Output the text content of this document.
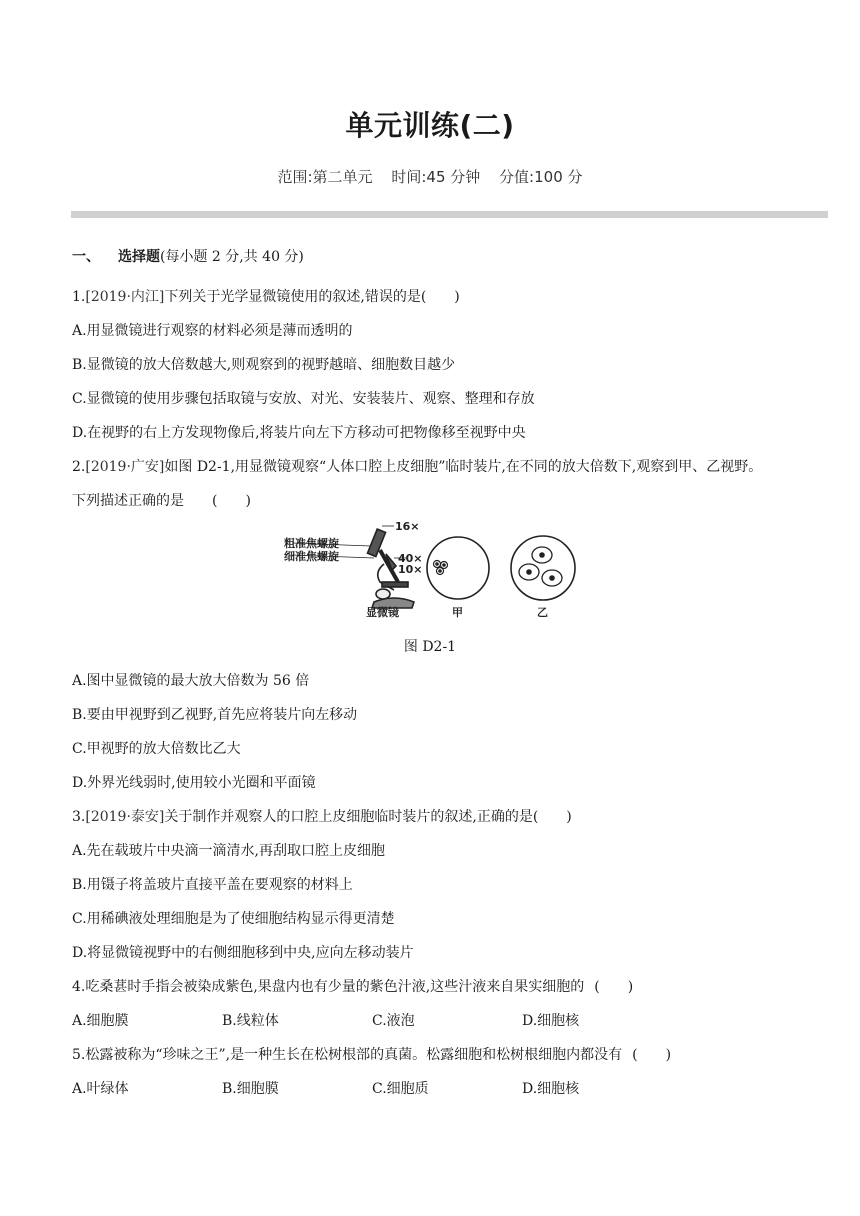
单元训练(二)
范围:第二单元 时间:45 分钟 分值:100 分
一、 选择题(每小题 2 分,共 40 分)
1.[2019·内江]下列关于光学显微镜使用的叙述,错误的是(　　)
A.用显微镜进行观察的材料必须是薄而透明的
B.显微镜的放大倍数越大,则观察到的视野越暗、细胞数目越少
C.显微镜的使用步骤包括取镜与安放、对光、安装装片、观察、整理和存放
D.在视野的右上方发现物像后,将装片向左下方移动可把物像移至视野中央
2.[2019·广安]如图 D2-1,用显微镜观察“人体口腔上皮细胞”临时装片,在不同的放大倍数下,观察到甲、乙视野。
下列描述正确的是　　(　　)
16×
粗准焦螺旋
细准焦螺旋	40×
10×
显微镜	甲	乙
图 D2-1
A.图中显微镜的最大放大倍数为 56 倍
B.要由甲视野到乙视野,首先应将装片向左移动
C.甲视野的放大倍数比乙大
D.外界光线弱时,使用较小光圈和平面镜
3.[2019·泰安]关于制作并观察人的口腔上皮细胞临时装片的叙述,正确的是(　　)
A.先在载玻片中央滴一滴清水,再刮取口腔上皮细胞
B.用镊子将盖玻片直接平盖在要观察的材料上
C.用稀碘液处理细胞是为了使细胞结构显示得更清楚
D.将显微镜视野中的右侧细胞移到中央,应向左移动装片
4.吃桑葚时手指会被染成紫色,果盘内也有少量的紫色汁液,这些汁液来自果实细胞的 (　　)
A.细胞膜	B.线粒体	C.液泡	D.细胞核
5.松露被称为“珍味之王”,是一种生长在松树根部的真菌。松露细胞和松树根细胞内都没有 (　　)
A.叶绿体	B.细胞膜	C.细胞质	D.细胞核
